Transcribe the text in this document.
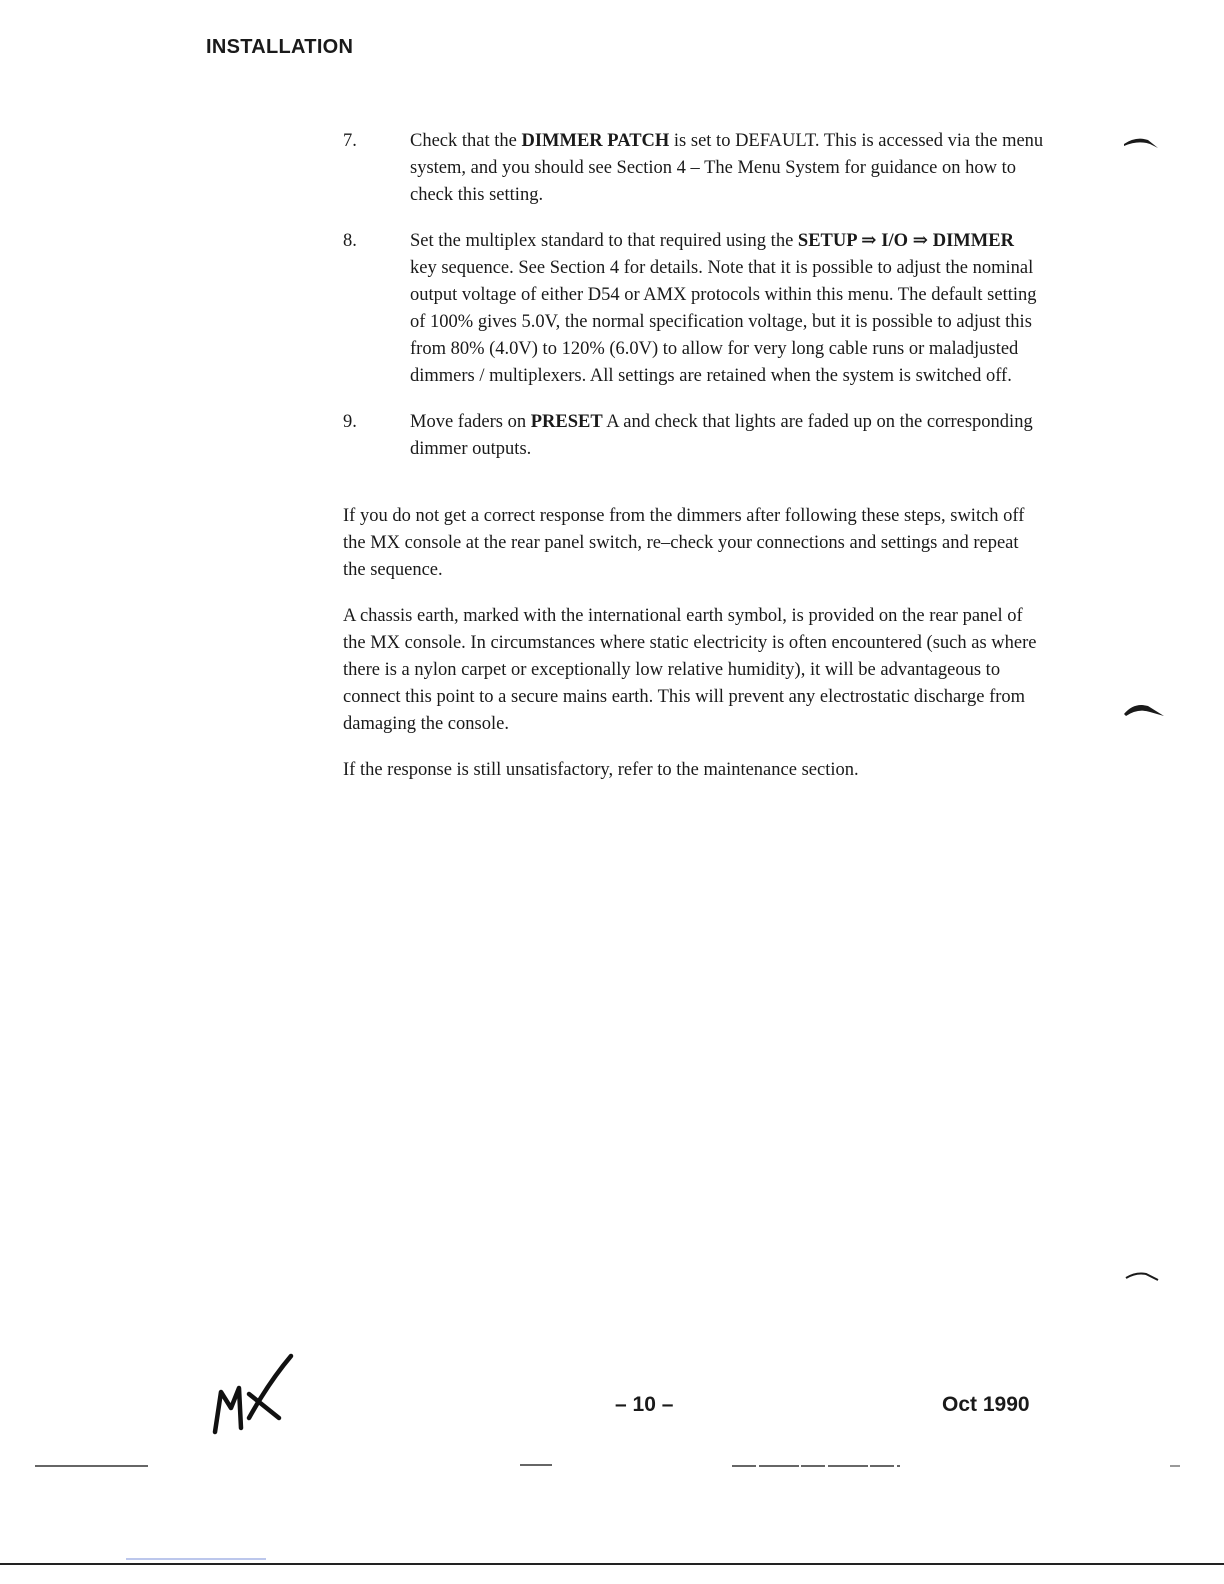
INSTALLATION
7.	Check that the DIMMER PATCH is set to DEFAULT. This is accessed via the menu system, and you should see Section 4 – The Menu System for guidance on how to check this setting.
8.	Set the multiplex standard to that required using the SETUP ⇒ I/O ⇒ DIMMER key sequence. See Section 4 for details. Note that it is possible to adjust the nominal output voltage of either D54 or AMX protocols within this menu. The default setting of 100% gives 5.0V, the normal specification voltage, but it is possible to adjust this from 80% (4.0V) to 120% (6.0V) to allow for very long cable runs or maladjusted dimmers / multiplexers. All settings are retained when the system is switched off.
9.	Move faders on PRESET A and check that lights are faded up on the corresponding dimmer outputs.

If you do not get a correct response from the dimmers after following these steps, switch off the MX console at the rear panel switch, re–check your connections and settings and repeat the sequence.

A chassis earth, marked with the international earth symbol, is provided on the rear panel of the MX console. In circumstances where static electricity is often encountered (such as where there is a nylon carpet or exceptionally low relative humidity), it will be advantageous to connect this point to a secure mains earth. This will prevent any electrostatic discharge from damaging the console.

If the response is still unsatisfactory, refer to the maintenance section.

– 10 –	Oct 1990
